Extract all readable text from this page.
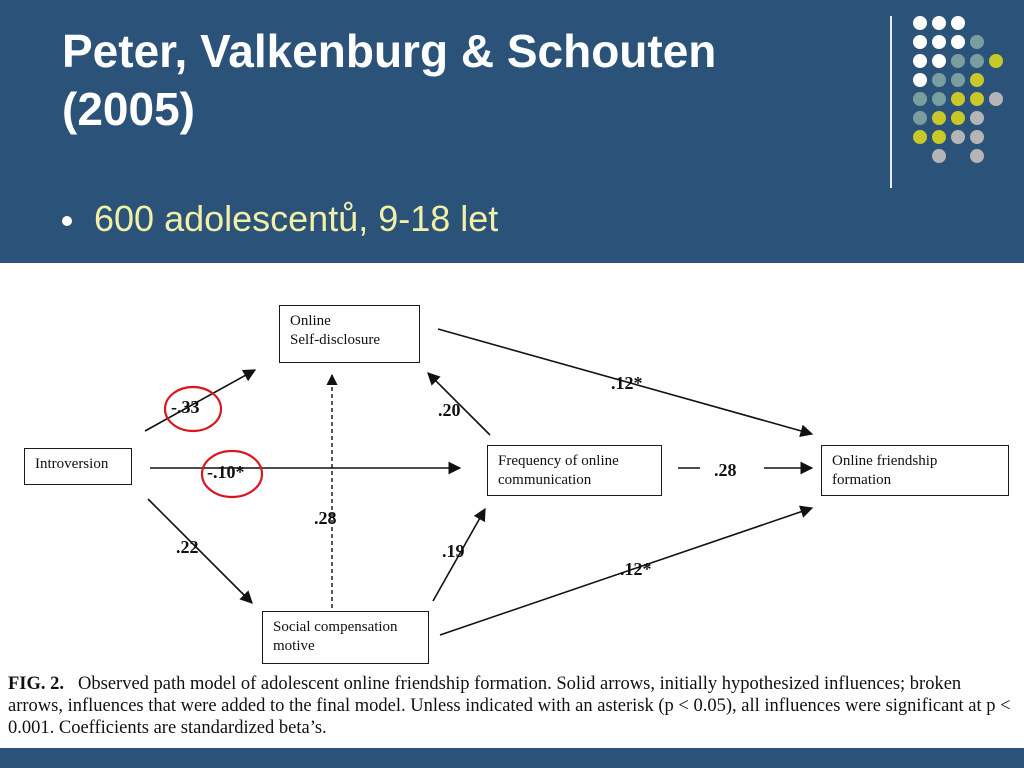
Peter, Valkenburg & Schouten
(2005)
600 adolescentů, 9-18 let
Online
Self-disclosure
Introversion	Frequency of online
communication
Online friendship
formation
Social compensation
motive
-.33
.12*
.20
-.10*	.28
.28
.22	.19
.12*
FIG. 2. Observed path model of adolescent online friendship formation. Solid arrows, initially hypothesized influences; broken arrows, influences that were added to the final model. Unless indicated with an asterisk (p < 0.05), all influences were significant at p < 0.001. Coefficients are standardized beta’s.
